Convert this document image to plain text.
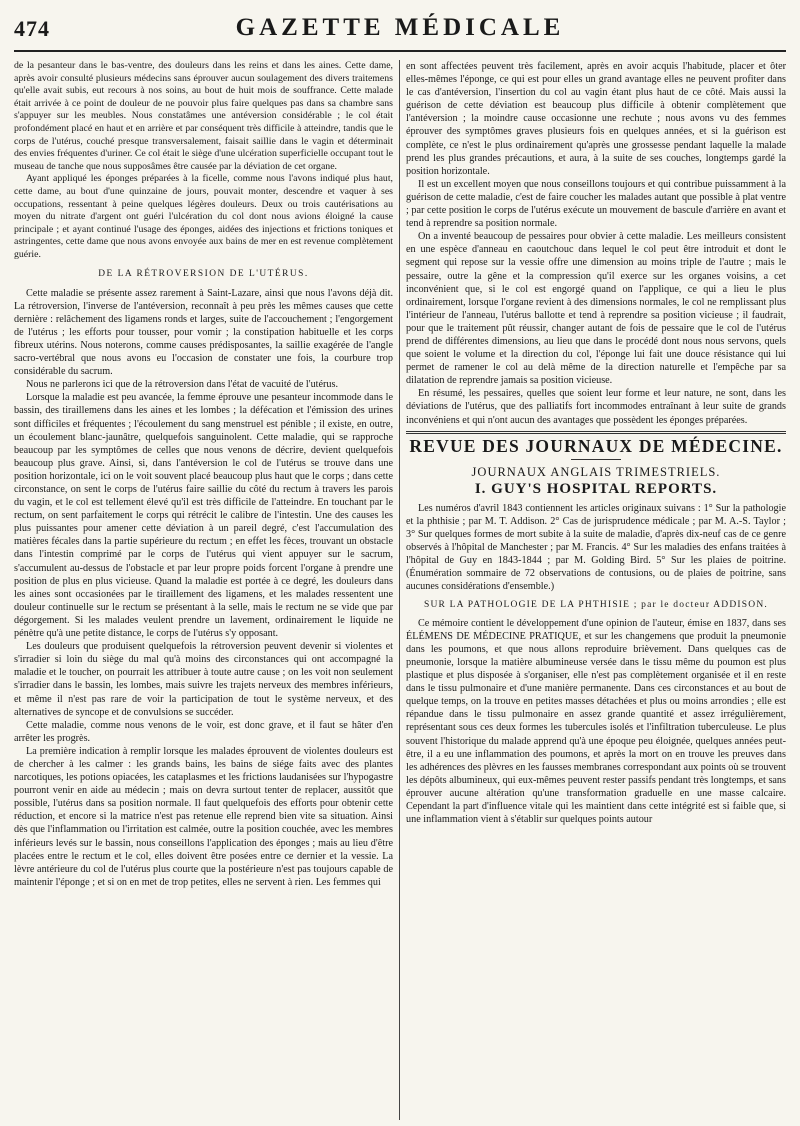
474	GAZETTE MÉDICALE

de la pesanteur dans le bas-ventre, des douleurs dans les reins et dans les aines. Cette dame, après avoir consulté plusieurs médecins sans éprouver aucun soulagement des divers traitemens qu'elle avait subis, eut recours à nos soins, au bout de huit mois de souffrance. Cette malade était arrivée à ce point de douleur de ne pouvoir plus faire quelques pas dans sa chambre sans s'appuyer sur les meubles. Nous constatâmes une antéversion considérable ; le col était profondément placé en haut et en arrière et par conséquent très difficile à atteindre, tandis que le corps de l'utérus, couché presque transversalement, faisait saillie dans le vagin et déterminait des envies fréquentes d'uriner. Ce col était le siège d'une ulcération superficielle occupant tout le museau de tanche que nous supposâmes être causée par la déviation de cet organe.

Ayant appliqué les éponges préparées à la ficelle, comme nous l'avons indiqué plus haut, cette dame, au bout d'une quinzaine de jours, pouvait monter, descendre et vaquer à ses occupations, ressentant à peine quelques légères douleurs. Deux ou trois cautérisations au moyen du nitrate d'argent ont guéri l'ulcération du col dont nous avions éloigné la cause principale ; et ayant continué l'usage des éponges, aidées des injections et frictions toniques et astringentes, cette dame que nous avons envoyée aux bains de mer en est revenue complètement guérie.

DE LA RÉTROVERSION DE L'UTÉRUS.

Cette maladie se présente assez rarement à Saint-Lazare, ainsi que nous l'avons déjà dit. La rétroversion, l'inverse de l'antéversion, reconnaît à peu près les mêmes causes que cette dernière : relâchement des ligamens ronds et larges, suite de l'accouchement ; l'engorgement de l'utérus ; les efforts pour tousser, pour vomir ; la constipation habituelle et les corps fibreux utérins. Nous noterons, comme causes prédisposantes, la saillie exagérée de l'angle sacro-vertébral que nous avons eu l'occasion de constater une fois, la courbure trop considérable du sacrum.

Nous ne parlerons ici que de la rétroversion dans l'état de vacuité de l'utérus.

Lorsque la maladie est peu avancée, la femme éprouve une pesanteur incommode dans le bassin, des tiraillemens dans les aines et les lombes ; la défécation et l'émission des urines sont difficiles et fréquentes ; l'écoulement du sang menstruel est pénible ; il existe, en outre, un écoulement blanc-jaunâtre, quelquefois sanguinolent. Cette maladie, qui se rapproche beaucoup par les symptômes de celles que nous venons de décrire, devient quelquefois beaucoup plus grave. Ainsi, si, dans l'antéversion le col de l'utérus se trouve dans une position horizontale, ici on le voit souvent placé beaucoup plus haut que le corps ; dans cette circonstance, on sent le corps de l'utérus faire saillie du côté du rectum à travers les parois du vagin, et le col est tellement élevé qu'il est très difficile de l'atteindre. En touchant par le rectum, on sent parfaitement le corps qui rétrécit le calibre de l'intestin. Une des causes les plus puissantes pour amener cette déviation à un pareil degré, c'est l'accumulation des matières fécales dans la partie supérieure du rectum ; en effet les fèces, trouvant un obstacle dans l'intestin comprimé par le corps de l'utérus qui vient appuyer sur le sacrum, s'accumulent au-dessus de l'obstacle et par leur propre poids forcent l'organe à prendre une position de plus en plus vicieuse. Quand la maladie est portée à ce degré, les douleurs dans les aines sont occasionées par le tiraillement des ligamens, et les malades ressentent une douleur continuelle sur le rectum se présentant à la selle, mais le rectum ne se vide que par dégorgement. Si les malades veulent prendre un lavement, ordinairement le liquide ne pénètre qu'à une petite distance, le corps de l'utérus s'y opposant.

Les douleurs que produisent quelquefois la rétroversion peuvent devenir si violentes et s'irradier si loin du siège du mal qu'à moins des circonstances qui ont accompagné la maladie et le toucher, on pourrait les attribuer à toute autre cause ; on les voit non seulement s'irradier dans le bassin, les lombes, mais suivre les trajets nerveux des membres inférieurs, et même il n'est pas rare de voir la participation de tout le système nerveux, et des alternatives de syncope et de convulsions se succéder.

Cette maladie, comme nous venons de le voir, est donc grave, et il faut se hâter d'en arrêter les progrès.

La première indication à remplir lorsque les malades éprouvent de violentes douleurs est de chercher à les calmer : les grands bains, les bains de siége faits avec des plantes narcotiques, les potions opiacées, les cataplasmes et les frictions laudanisées sur l'hypogastre pourront venir en aide au médecin ; mais on devra surtout tenter de replacer, aussitôt que possible, l'utérus dans sa position normale. Il faut quelquefois des efforts pour obtenir cette réduction, et encore si la matrice n'est pas retenue elle reprend bien vite sa situation. Ainsi dès que l'inflammation ou l'irritation est calmée, outre la position couchée, avec les membres inférieurs levés sur le bassin, nous conseillons l'application des éponges ; mais au lieu d'être placées entre le rectum et le col, elles doivent être posées entre ce dernier et la vessie. La lèvre antérieure du col de l'utérus plus courte que la postérieure n'est pas toujours capable de maintenir l'éponge ; et si on en met de trop petites, elles ne servent à rien. Les femmes qui

en sont affectées peuvent très facilement, après en avoir acquis l'habitude, placer et ôter elles-mêmes l'éponge, ce qui est pour elles un grand avantage elles ne peuvent profiter dans le cas d'antéversion, l'insertion du col au vagin étant plus haut de ce côté. Mais aussi la guérison de cette déviation est beaucoup plus difficile à obtenir complètement que l'antéversion ; la moindre cause occasionne une rechute ; nous avons vu des femmes éprouver des symptômes graves plusieurs fois en quelques années, et si la guérison est complète, ce n'est le plus ordinairement qu'après une grossesse pendant laquelle la malade prend les plus grandes précautions, et aura, à la suite de ses couches, longtemps gardé la position horizontale.

Il est un excellent moyen que nous conseillons toujours et qui contribue puissamment à la guérison de cette maladie, c'est de faire coucher les malades autant que possible à plat ventre ; par cette position le corps de l'utérus exécute un mouvement de bascule d'arrière en avant et tend à reprendre sa position normale.

On a inventé beaucoup de pessaires pour obvier à cette maladie. Les meilleurs consistent en une espèce d'anneau en caoutchouc dans lequel le col peut être introduit et dont le segment qui repose sur la vessie offre une dimension au moins triple de l'autre ; mais le pessaire, outre la gêne et la compression qu'il exerce sur les organes voisins, a cet inconvénient que, si le col est engorgé quand on l'applique, ce qui a lieu le plus ordinairement, lorsque l'organe revient à des dimensions normales, le col ne remplissant plus l'intérieur de l'anneau, l'utérus ballotte et tend à reprendre sa position vicieuse ; il faudrait, pour que le traitement pût réussir, changer autant de fois de pessaire que le col de l'utérus prend de différentes dimensions, au lieu que dans le procédé dont nous nous servons, quels que soient le volume et la direction du col, l'éponge lui fait une douce résistance qui lui permet de ramener le col au delà même de la direction naturelle et l'empêche par sa dilatation de reprendre jamais sa position vicieuse.

En résumé, les pessaires, quelles que soient leur forme et leur nature, ne sont, dans les déviations de l'utérus, que des palliatifs fort incommodes entraînant à leur suite de grands inconvéniens et qui n'ont aucun des avantages que possèdent les éponges préparées.

REVUE DES JOURNAUX DE MÉDECINE.
JOURNAUX ANGLAIS TRIMESTRIELS.
I. GUY'S HOSPITAL REPORTS.

Les numéros d'avril 1843 contiennent les articles originaux suivans : 1° Sur la pathologie et la phthisie ; par M. T. Addison. 2° Cas de jurisprudence médicale ; par M. A.-S. Taylor ; 3° Sur quelques formes de mort subite à la suite de maladie, d'après dix-neuf cas de ce genre observés à l'hôpital de Manchester ; par M. Francis. 4° Sur les maladies des enfans traitées à l'hôpital de Guy en 1843-1844 ; par M. Golding Bird. 5° Sur les plaies de poitrine. (Énumération sommaire de 72 observations de contusions, ou de plaies de poitrine, sans aucunes considérations d'ensemble.)

SUR LA PATHOLOGIE DE LA PHTHISIE ; par le docteur ADDISON.

Ce mémoire contient le développement d'une opinion de l'auteur, émise en 1837, dans ses ÉLÉMENS DE MÉDECINE PRATIQUE, et sur les changemens que produit la pneumonie dans les poumons, et que nous allons reproduire brièvement. Dans quelques cas de pneumonie, lorsque la matière albumineuse versée dans le tissu même du poumon est plus plastique et plus disposée à s'organiser, elle n'est pas complètement organisée et il en reste dans le tissu pulmonaire et d'une manière permanente. Dans ces circonstances et au bout de quelque temps, on la trouve en petites masses détachées et plus ou moins arrondies ; elle est répandue dans le tissu pulmonaire en assez grande quantité et assez irrégulièrement, représentant sous ces deux formes les tubercules isolés et l'infiltration tuberculeuse. Le plus souvent l'historique du malade apprend qu'à une époque peu éloignée, quelques années peut-être, il a eu une inflammation des poumons, et après la mort on en trouve les preuves dans les adhérences des plèvres en les fausses membranes correspondant aux points où se trouvent les dépôts albumineux, qui eux-mêmes peuvent rester passifs pendant très longtemps, et sans éprouver aucune altération qu'une transformation graduelle en une masse calcaire. Cependant la part d'influence vitale qui les maintient dans cette intégrité est si faible que, si une inflammation vient à s'établir sur quelques points autour
